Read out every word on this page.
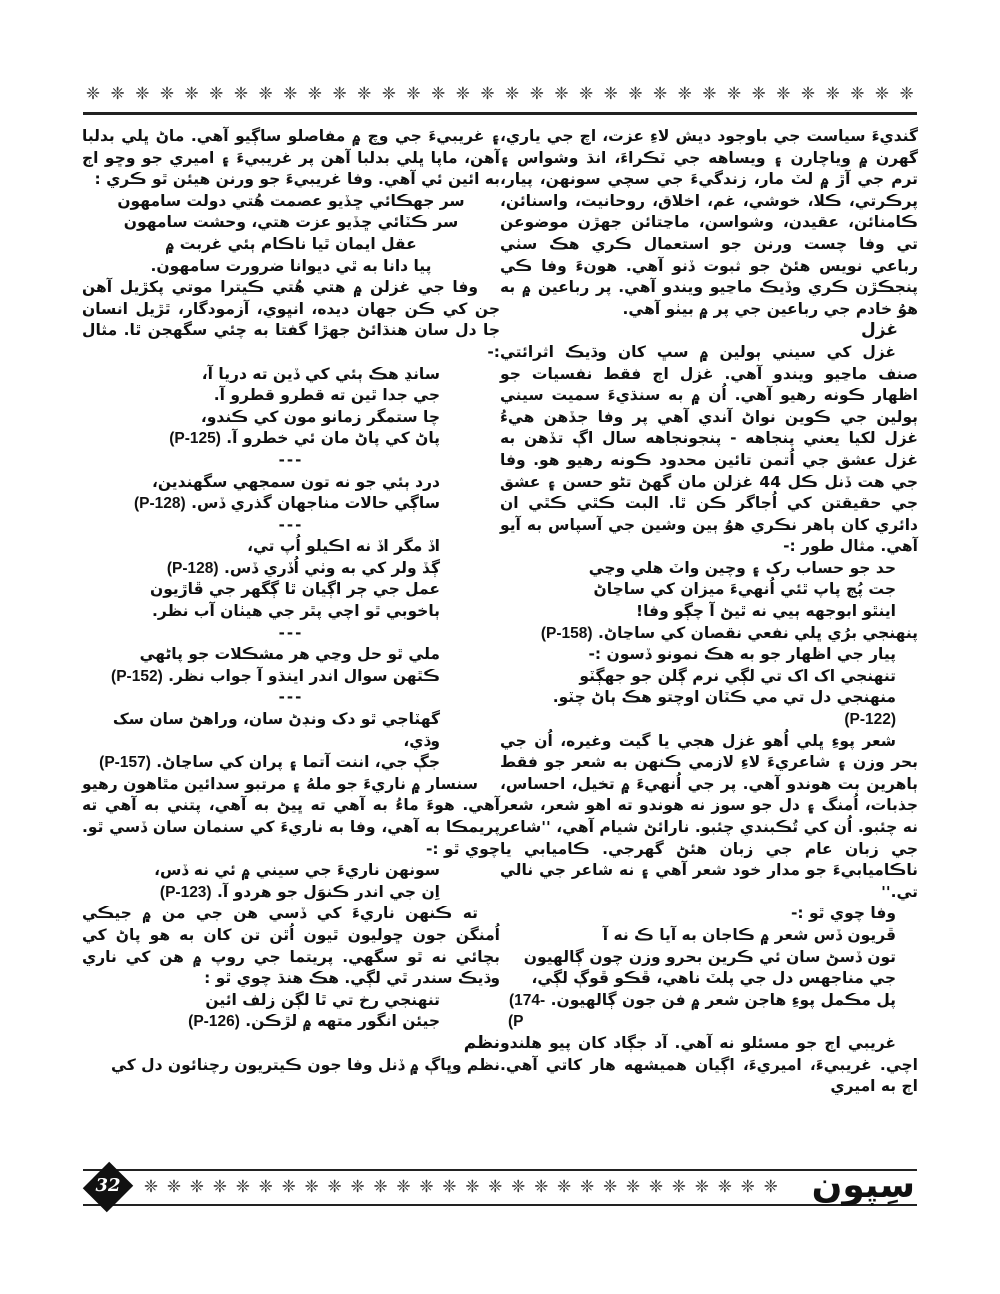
❈ ❈ ❈ ❈ ❈ ❈ ❈ ❈ ❈ ❈ ❈ ❈ ❈ ❈ ❈ ❈ ❈ ❈ ❈ ❈ ❈ ❈ ❈ ❈ ❈ ❈ ❈ ❈ ❈ ❈ ❈ ❈ ❈ ❈

گنديءَ سياست جي باوجود ديش لاءِ عزت، اچ جي ياري، گهرن ۾ وياچارن ۽ ويساهه جي ٽڪراءَ، انڌ وشواس ۽ ترم جي آڙ ۾ لٽ مار، زندگيءَ جي سچي سونهن، پيار، پرڪرتي، ڪلا، خوشي، غم، اخلاق، روحانيت، واسنائن، ڪامنائن، عقيدن، وشواسن، ماڃتائن جهڙن موضوعن تي وفا چست ورنن جو استعمال ڪري هڪ سٺي رباعي نويس هئڻ جو ثبوت ڏنو آهي. هونءَ وفا ڪي پنجڪڙن ڪري وڏيڪ ماڃيو ويندو آهي. پر رباعين ۾ به هوُ خادم جي رباعين جي پر ۾ بيٺو آهي.

غزل

غزل کي سيني ٻولين ۾ سڀ کان وڌيڪ اثرائتي صنف ماڃيو ويندو آهي. غزل اڄ فقط نفسيات جو اظهار ڪونه رهيو آهي. اُن ۾ به سنڌيءَ سميت سيني ٻولين جي ڪوين نواڻ آندي آهي پر وفا جڏهن هيءُ غزل لکيا يعني پنجاهه - پنجونجاهه سال اڳ تڏهن به غزل عشق جي اُتمن تائين محدود ڪونه رهيو هو. وفا جي هت ڏنل ڪل 44 غزلن مان گهڻ تڻو حسن ۽ عشق جي حقيقتن کي اُجاگر ڪن ٿا. البت ڪٿي ڪٿي ان دائري کان ٻاهر نڪري هوُ ٻين وشين جي آسپاس به آيو آهي. مثال طور :-

حد جو حساب رک ۽ وچين واٽ هلي وڃي

جت پُڄ پاپ ٿئي اُنهيءَ ميزان کي ساڃاڻ

اينٿو ابوجهه ٻيي نه ٿيڻ آ چڳو وفا!

پنهنجي برُي ڀلي نفعي نقصان کي ساڃاڻ. (P-158)

پيار جي اظهار جو به هڪ نمونو ڏسون :-

تنهنجي اک اک تي لڳي نرم ڳلن جو جهڳٽو

منهنجي دل تي مي ڪٽان اوچتو هڪ ٻاڻ چٽو.

(P-122)

شعر پوءِ ڀلي اُهو غزل هجي يا گيت وغيره، اُن جي بحر وزن ۽ شاعريءَ لاءِ لازمي ڪنهن به شعر جو فقط ٻاهرين بت هوندو آهي. پر جي اُنهيءَ ۾ تخيل، احساس، جذبات، اُمنگ ۽ دل جو سوز نه هوندو ته اهو شعر، شعر نه چئبو. اُن کي تُڪبندي چئبو. نارائڻ شيام آهي، ''شاعر جي زبان عام جي زبان هئڻ گهرجي. ڪاميابي يا ناڪاميابيءَ جو مدار خود شعر آهي ۽ نه شاعر جي نالي تي.''

وفا چوي ٿو :-

ڦريون ڏس شعر ۾ ڪاجان به آيا ڪ نه آ

تون ڏسڻ سان ئي ڪرين بحرو وزن چون ڳالهيون

جي مناجهس دل جي پلٽ ناهي، ڦڪو ڦوڳ لڳي،

پل مڪمل پوءِ هاجن شعر ۾ فن جون ڳالهيون. (174-

(P

غريبي اڄ جو مسئلو نه آهي. آد جڳاد کان پيو هلندو اچي. غريبيءَ، اميريءَ، اڳيان هميشهه هار کاتي آهي. اڄ به اميري

۽ غريبيءَ جي وچ ۾ مفاصلو ساڳيو آهي. ماڻ ڀلي بدلبا آهن، ماپا ڀلي بدلبا آهن پر غريبيءَ ۽ اميري جو وڇو اڄ به ائين ئي آهي. وفا غريبيءَ جو ورنن هيئن ٿو ڪري :

سر جهڪائي ڇڏيو عصمت هُتي دولت سامهون

سر ڪٽائي ڇڏيو عزت هتي، وحشت سامهون

عقل ايمان ٿيا ناڪام ٻئي غربت ۾

پيا دانا به ٿي ديوانا ضرورت سامهون.

وفا جي غزلن ۾ هتي هُتي ڪيترا موتي پکڙيل آهن جن کي ڪن جهان ديده، انڀوي، آزمودگار، ٿڙيل انسان جا دل سان هنڌائڻ جهڙا گفتا به چئي سگهجن ٿا. مثال :-

سانڍ هڪ ٻئي کي ڏين ته دريا آ،

جي جدا ٿين ته قطرو قطرو آ.

چا ستمگر زمانو مون کي ڪندو،

پاڻ کي پاڻ مان ئي خطرو آ. (P-125)

---

درد ٻئي جو نه تون سمجهي سگهندين،

ساڳي حالات مناجهان گذري ڏس. (P-128)

---

اڏ مگر اڏ نه اڪيلو اُپ تي،

ڳڏ ولر کي به وٺي اُڏري ڏس. (P-128)

عمل جي ڄر اڳيان ٿا ڳگهر جي ڦاڙيون

ٻاخوبي ٿو اچي پٿر جي هيٺان آب نظر.

---

ملي ٿو حل وڃي هر مشڪلات جو پاڻهي

ڪٿهن سوال اندر اينڌو آ جواب نظر. (P-152)

---

گهٽاجي ٿو دک ونڊڻ سان، وراهڻ سان سک وڌي،

جڳ جي، اننت آتما ۽ پران کي ساڃاڻ. (P-157)

سنسار ۾ ناريءَ جو ملهُ ۽ مرتبو سدائين مٿاهون رهيو آهي. هوءَ ماءُ به آهي ته ڀيڻ به آهي، پتني به آهي ته پريمڪا به آهي، وفا به ناريءَ کي سنمان سان ڏسي ٿو. چوي ٿو :-

سونهن ناريءَ جي سيني ۾ ئي نه ڏس،

اِن جي اندر ڪنوَل جو هردو آ. (P-123)

ته ڪنهن ناريءَ کي ڏسي هن جي من ۾ جيڪي اُمنگن جون ڇوليون ٿيون اُٿن تن کان به هو پاڻ کي بچائي نه ٿو سگهي. پريتما جي روپ ۾ هن کي ناري وڌيڪ سندر ٿي لڳي. هڪ هنڌ چوي ٿو :

تنهنجي رخ تي ٿا لڳن زلف ائين

جيئن انگور متهه ۾ لڙڪن. (P-126)

نظم

نظم وڀاڳ ۾ ڏنل وفا جون ڪيتريون رچنائون دل کي

32	❈ ❈ ❈ ❈ ❈ ❈ ❈ ❈ ❈ ❈ ❈ ❈ ❈ ❈ ❈ ❈ ❈ ❈ ❈ ❈ ❈ ❈ ❈ ❈ ❈ ❈ ❈ ❈ سِپون
